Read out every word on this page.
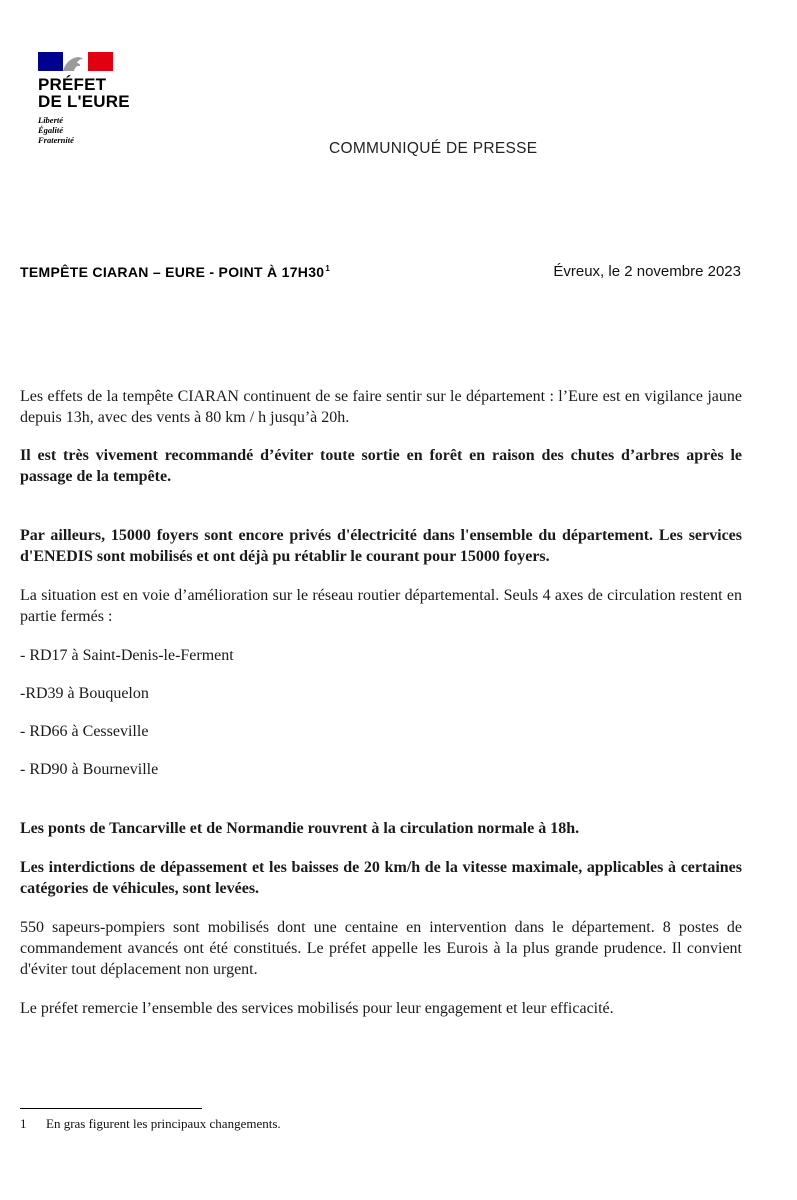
PRÉFET
DE L'EURE
Liberté
Égalité
Fraternité	COMMUNIQUÉ DE PRESSE
TEMPÊTE CIARAN – EURE - POINT À $17H30^1$	Évreux, le 2 novembre 2023

Les effets de la tempête CIARAN continuent de se faire sentir sur le département : l’Eure est en vigilance jaune depuis 13h, avec des vents à 80 km / h jusqu’à 20h.

Il est très vivement recommandé d’éviter toute sortie en forêt en raison des chutes d’arbres après le passage de la tempête.

Par ailleurs, 15000 foyers sont encore privés d'électricité dans l'ensemble du département. Les services d'ENEDIS sont mobilisés et ont déjà pu rétablir le courant pour 15000 foyers.

La situation est en voie d’amélioration sur le réseau routier départemental. Seuls 4 axes de circulation restent en partie fermés :

- RD17 à Saint-Denis-le-Ferment

-RD39 à Bouquelon

- RD66 à Cesseville

- RD90 à Bourneville

Les ponts de Tancarville et de Normandie rouvrent à la circulation normale à 18h.

Les interdictions de dépassement et les baisses de 20 km/h de la vitesse maximale, applicables à certaines catégories de véhicules, sont levées.

550 sapeurs-pompiers sont mobilisés dont une centaine en intervention dans le département. 8 postes de commandement avancés ont été constitués. Le préfet appelle les Eurois à la plus grande prudence. Il convient d'éviter tout déplacement non urgent.

Le préfet remercie l’ensemble des services mobilisés pour leur engagement et leur efficacité.

1 En gras figurent les principaux changements.
